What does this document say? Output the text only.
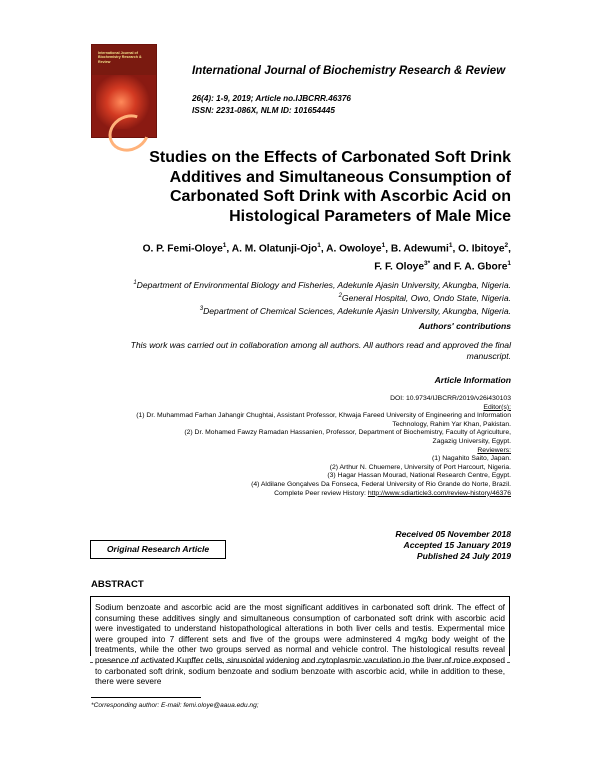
International Journal of Biochemistry Research & Review
International Journal of Biochemistry Research & Review
26(4): 1-9, 2019; Article no.IJBCRR.46376
ISSN: 2231-086X, NLM ID: 101654445
Studies on the Effects of Carbonated Soft Drink
Additives and Simultaneous Consumption of
Carbonated Soft Drink with Ascorbic Acid on
Histological Parameters of Male Mice
O. P. Femi-Oloye$^1$, A. M. Olatunji-Ojo$^1$, A. Owoloye$^1$, B. Adewumi$^1$, O. Ibitoye$^2$,
F. F. Oloye$^{3*}$ and F. A. Gbore$^1$
$^1$Department of Environmental Biology and Fisheries, Adekunle Ajasin University, Akungba, Nigeria.
$^2$General Hospital, Owo, Ondo State, Nigeria.
$^3$Department of Chemical Sciences, Adekunle Ajasin University, Akungba, Nigeria.
Authors' contributions
This work was carried out in collaboration among all authors. All authors read and approved the final manuscript.
Article Information
DOI: 10.9734/IJBCRR/2019/v26i430103
Editor(s):
(1) Dr. Muhammad Farhan Jahangir Chughtai, Assistant Professor, Khwaja Fareed University of Engineering and Information
Technology, Rahim Yar Khan, Pakistan.
(2) Dr. Mohamed Fawzy Ramadan Hassanien, Professor, Department of Biochemistry, Faculty of Agriculture,
Zagazig University, Egypt.
Reviewers:
(1) Nagahito Saito, Japan.
(2) Arthur N. Chuemere, University of Port Harcourt, Nigeria.
(3) Hagar Hassan Mourad, National Research Centre, Egypt.
(4) Aldilane Gonçalves Da Fonseca, Federal University of Rio Grande do Norte, Brazil.
Complete Peer review History: http://www.sdiarticle3.com/review-history/46376
Received 05 November 2018
Accepted 15 January 2019
Published 24 July 2019
Original Research Article
ABSTRACT
Sodium benzoate and ascorbic acid are the most significant additives in carbonated soft drink. The effect of consuming these additives singly and simultaneous consumption of carbonated soft drink with ascorbic acid were investigated to understand histopathological alterations in both liver cells and testis. Expermental mice were grouped into 7 different sets and five of the groups were adminstered 4 mg/kg body weight of the treatments, while the other two groups served as normal and vehicle control. The histological results reveal presence of activated Kupffer cells, sinusoidal widening and cytoplasmic vaculation in the liver of mice exposed to carbonated soft drink, sodium benzoate and sodium benzoate with ascorbic acid, while in addition to these, there were severe
*Corresponding author: E-mail: femi.oloye@aaua.edu.ng;
